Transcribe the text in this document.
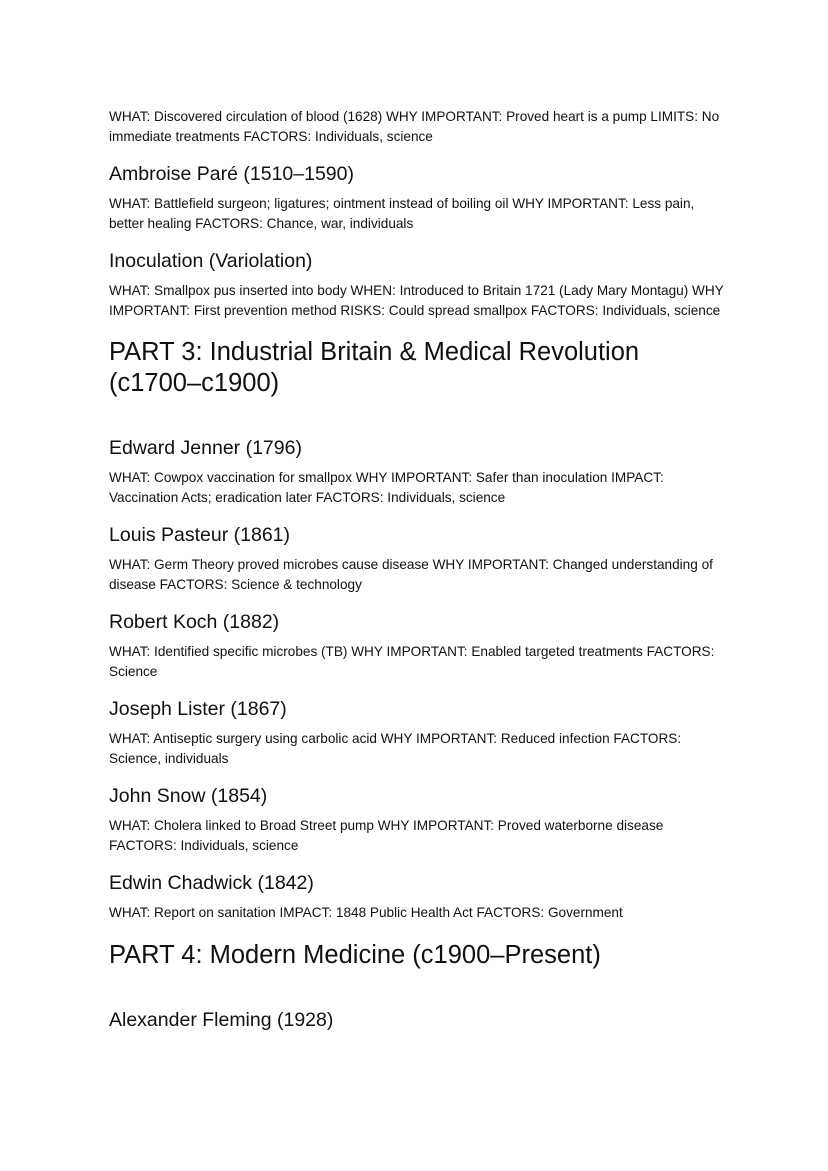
WHAT: Discovered circulation of blood (1628) WHY IMPORTANT: Proved heart is a pump LIMITS: No immediate treatments FACTORS: Individuals, science

Ambroise Paré (1510–1590)

WHAT: Battlefield surgeon; ligatures; ointment instead of boiling oil WHY IMPORTANT: Less pain, better healing FACTORS: Chance, war, individuals

Inoculation (Variolation)

WHAT: Smallpox pus inserted into body WHEN: Introduced to Britain 1721 (Lady Mary Montagu) WHY IMPORTANT: First prevention method RISKS: Could spread smallpox FACTORS: Individuals, science

PART 3: Industrial Britain & Medical Revolution (c1700–c1900)
Edward Jenner (1796)

WHAT: Cowpox vaccination for smallpox WHY IMPORTANT: Safer than inoculation IMPACT: Vaccination Acts; eradication later FACTORS: Individuals, science

Louis Pasteur (1861)

WHAT: Germ Theory proved microbes cause disease WHY IMPORTANT: Changed understanding of disease FACTORS: Science & technology

Robert Koch (1882)

WHAT: Identified specific microbes (TB) WHY IMPORTANT: Enabled targeted treatments FACTORS: Science

Joseph Lister (1867)

WHAT: Antiseptic surgery using carbolic acid WHY IMPORTANT: Reduced infection FACTORS: Science, individuals

John Snow (1854)

WHAT: Cholera linked to Broad Street pump WHY IMPORTANT: Proved waterborne disease FACTORS: Individuals, science

Edwin Chadwick (1842)

WHAT: Report on sanitation IMPACT: 1848 Public Health Act FACTORS: Government

PART 4: Modern Medicine (c1900–Present)
Alexander Fleming (1928)
